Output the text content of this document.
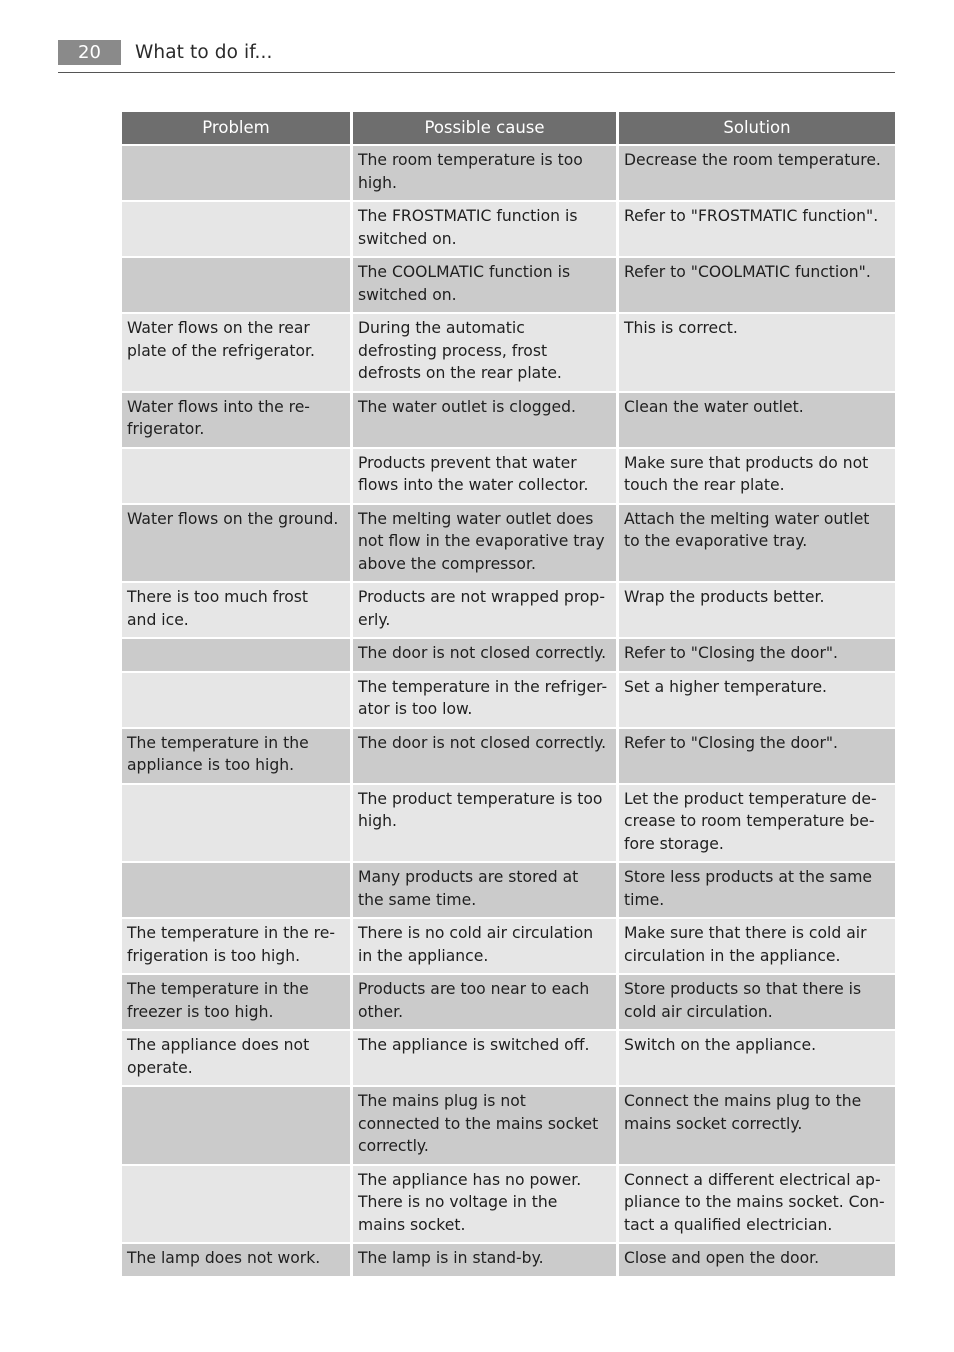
20	What to do if...
Problem	Possible cause	Solution
	The room temperature is too high.	Decrease the room temperature.
	The FROSTMATIC function is switched on.	Refer to "FROSTMATIC function".
	The COOLMATIC function is switched on.	Refer to "COOLMATIC function".
Water flows on the rear plate of the refrigerator.	During the automatic defrosting process, frost defrosts on the rear plate.	This is correct.
Water flows into the re-frigerator.	The water outlet is clogged.	Clean the water outlet.
	Products prevent that water flows into the water collector.	Make sure that products do not touch the rear plate.
Water flows on the ground.	The melting water outlet does not flow in the evaporative tray above the compressor.	Attach the melting water outlet to the evaporative tray.
There is too much frost and ice.	Products are not wrapped prop-erly.	Wrap the products better.
	The door is not closed correctly.	Refer to "Closing the door".
	The temperature in the refriger-ator is too low.	Set a higher temperature.
The temperature in the appliance is too high.	The door is not closed correctly.	Refer to "Closing the door".
	The product temperature is too high.	Let the product temperature de-crease to room temperature be-fore storage.
	Many products are stored at the same time.	Store less products at the same time.
The temperature in the re-frigeration is too high.	There is no cold air circulation in the appliance.	Make sure that there is cold air circulation in the appliance.
The temperature in the freezer is too high.	Products are too near to each other.	Store products so that there is cold air circulation.
The appliance does not operate.	The appliance is switched off.	Switch on the appliance.
	The mains plug is not connected to the mains socket correctly.	Connect the mains plug to the mains socket correctly.
	The appliance has no power. There is no voltage in the mains socket.	Connect a different electrical ap-pliance to the mains socket. Con-tact a qualified electrician.
The lamp does not work.	The lamp is in stand-by.	Close and open the door.
